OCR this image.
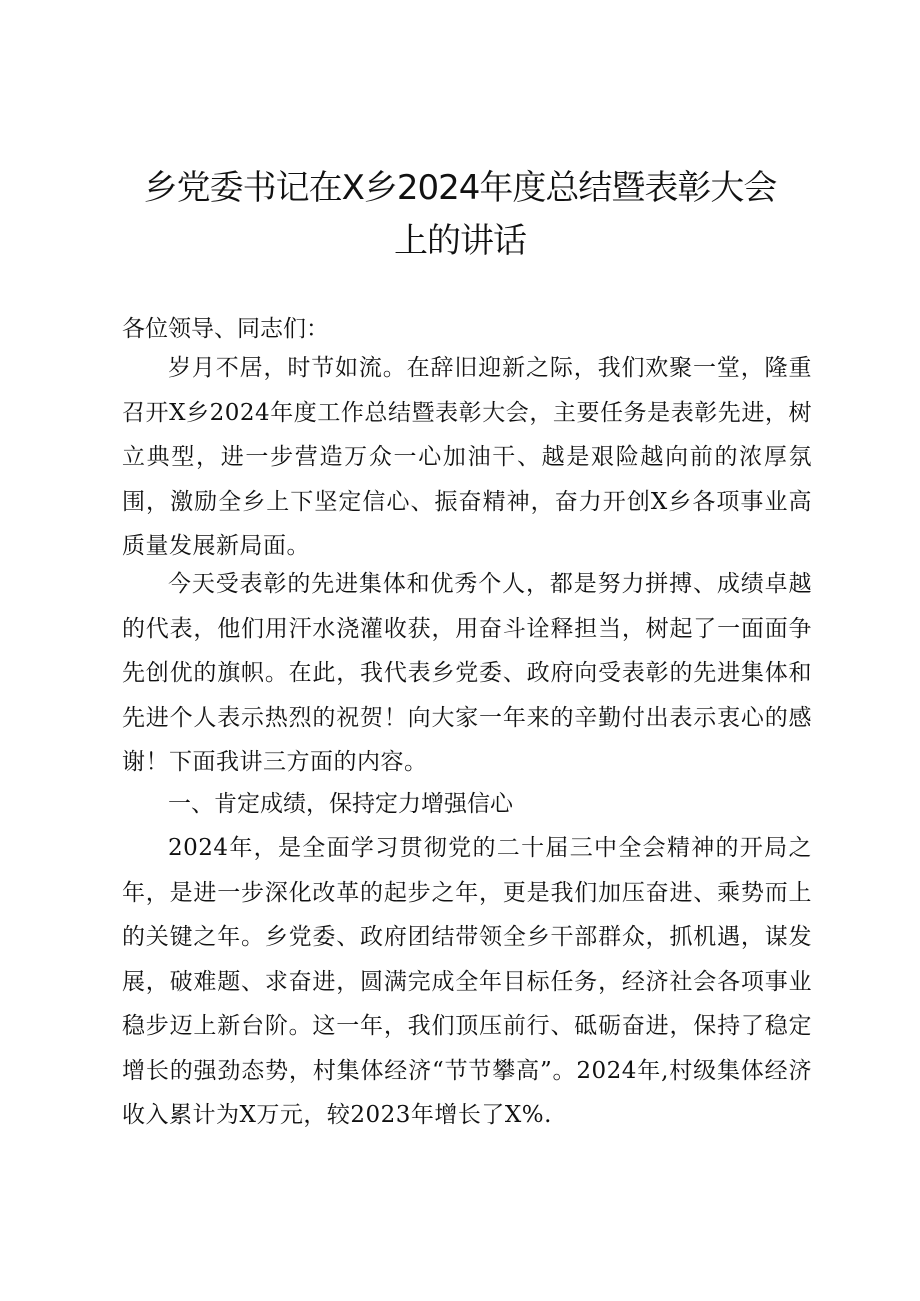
乡党委书记在X乡2024年度总结暨表彰大会
上的讲话

各位领导、同志们：

岁月不居，时节如流。在辞旧迎新之际，我们欢聚一堂，隆重召开X乡2024年度工作总结暨表彰大会，主要任务是表彰先进，树立典型，进一步营造万众一心加油干、越是艰险越向前的浓厚氛围，激励全乡上下坚定信心、振奋精神，奋力开创X乡各项事业高质量发展新局面。

今天受表彰的先进集体和优秀个人，都是努力拼搏、成绩卓越的代表，他们用汗水浇灌收获，用奋斗诠释担当，树起了一面面争先创优的旗帜。在此，我代表乡党委、政府向受表彰的先进集体和先进个人表示热烈的祝贺！向大家一年来的辛勤付出表示衷心的感谢！下面我讲三方面的内容。

一、肯定成绩，保持定力增强信心

2024年，是全面学习贯彻党的二十届三中全会精神的开局之年，是进一步深化改革的起步之年，更是我们加压奋进、乘势而上的关键之年。乡党委、政府团结带领全乡干部群众，抓机遇，谋发展，破难题、求奋进，圆满完成全年目标任务，经济社会各项事业稳步迈上新台阶。这一年，我们顶压前行、砥砺奋进，保持了稳定增长的强劲态势，村集体经济“节节攀高”。2024年,村级集体经济收入累计为X万元，较2023年增长了X%.
